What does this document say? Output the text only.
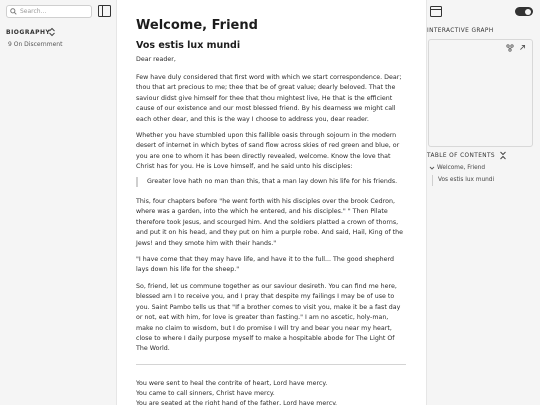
Search...
BIOGRAPHY
9 On Discernment
Welcome, Friend
Vos estis lux mundi

Dear reader,

Few have duly considered that first word with which we start correspondence. Dear; thou that art precious to me; thee that be of great value; dearly beloved. That the saviour didst give himself for thee that thou mightest live, He that is the efficient cause of our existence and our most blessed friend. By his dearness we might call each other dear, and this is the way I choose to address you, dear reader.

Whether you have stumbled upon this fallible oasis through sojourn in the modern desert of internet in which bytes of sand flow across skies of red green and blue, or you are one to whom it has been directly revealed, welcome. Know the love that Christ has for you. He is Love himself, and he said unto his disciples:

Greater love hath no man than this, that a man lay down his life for his friends.

This, four chapters before "he went forth with his disciples over the brook Cedron, where was a garden, into the which he entered, and his disciples." " Then Pilate therefore took Jesus, and scourged him. And the soldiers platted a crown of thorns, and put it on his head, and they put on him a purple robe. And said, Hail, King of the Jews! and they smote him with their hands."

"I have come that they may have life, and have it to the full... The good shepherd lays down his life for the sheep."

So, friend, let us commune together as our saviour desireth. You can find me here, blessed am I to receive you, and I pray that despite my failings I may be of use to you. Saint Pambo tells us that "If a brother comes to visit you, make it be a fast day or not, eat with him, for love is greater than fasting." I am no ascetic, holy-man, make no claim to wisdom, but I do promise I will try and bear you near my heart, close to where I daily purpose myself to make a hospitable abode for The Light Of The World.

You were sent to heal the contrite of heart, Lord have mercy.

You came to call sinners, Christ have mercy.

You are seated at the right hand of the father, Lord have mercy.

INTERACTIVE GRAPH
TABLE OF CONTENTS
Welcome, Friend
Vos estis lux mundi
